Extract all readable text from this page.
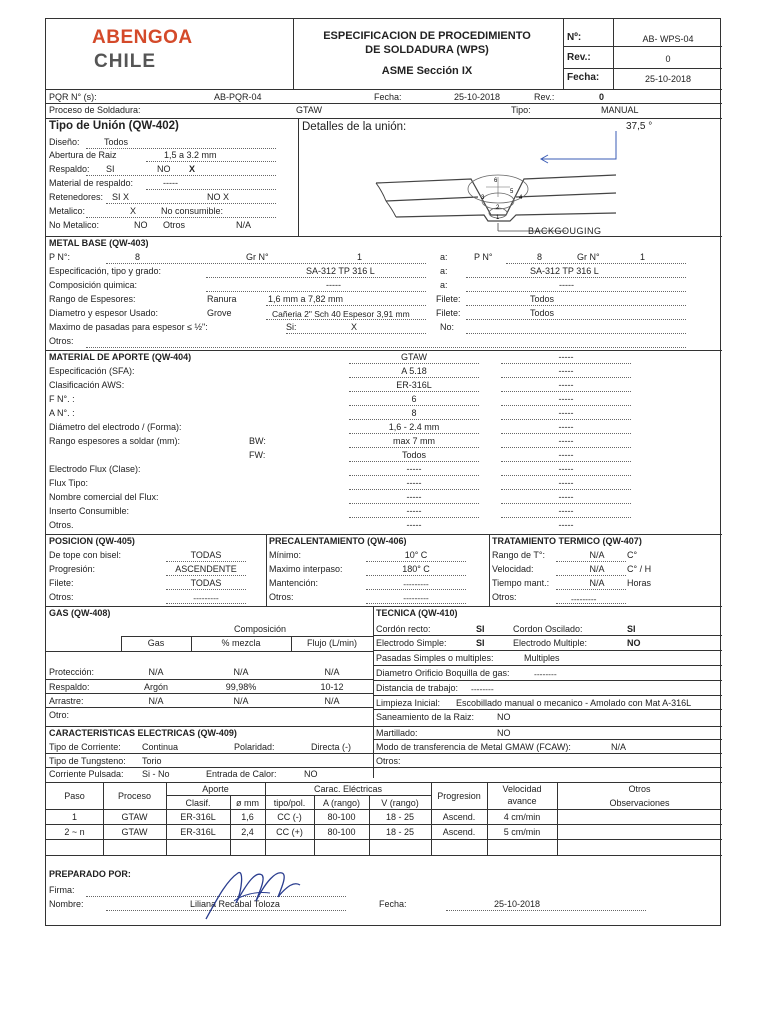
ABENGOA
CHILE
ESPECIFICACION DE PROCEDIMIENTO
DE SOLDADURA (WPS)
ASME Sección IX
Nº:	AB- WPS-04
Rev.:	0
Fecha:	25-10-2018
PQR N° (s):	AB-PQR-04	Fecha:	25-10-2018	Rev.:	0
Proceso de Soldadura:	GTAW	Tipo:	MANUAL
Tipo de Unión (QW-402)	Detalles de la unión:	37,5 °
Diseño:	Todos
Abertura de Raiz	1,5 a 3.2 mm
Respaldo: SI	NO X
Material de respaldo:	-----
Retenedores: SI X	NO X
Metalico:	X	No consumible:
No Metalico:	NO Otros	N/A
6
5
4
3
2
1
BACKGOUGING
METAL BASE (QW-403)
P N°:	8	Gr N°	1	a:	P N°	8	Gr N°	1
Especificación, tipo y grado:	SA-312 TP 316 L	a:	SA-312 TP 316 L
Composición quimica:	-----	a:	-----
Rango de Espesores:	Ranura	1,6 mm a 7,82 mm	Filete:	Todos
Diametro y espesor Usado:	Grove	Cañeria 2" Sch 40 Espesor 3,91 mm	Filete:	Todos
Maximo de pasadas para espesor ≤ ½":	Si:	X	No:
Otros:
MATERIAL DE APORTE (QW-404)	GTAW	-----
Especificación (SFA):	A 5.18	-----
Clasificación AWS:	ER-316L	-----
F N°. :	6	-----
A N°. :	8	-----
Diámetro del electrodo / (Forma):	1,6 - 2.4 mm	-----
Rango espesores a soldar (mm):	BW:	max 7 mm	-----
FW:	Todos	-----
Electrodo Flux (Clase):	-----	-----
Flux Tipo:	-----	-----
Nombre comercial del Flux:	-----	-----
Inserto Consumible:	-----	-----
Otros.	-----	-----
POSICION (QW-405)	PRECALENTAMIENTO (QW-406)	TRATAMIENTO TERMICO (QW-407)
De tope con bisel:	TODAS
Progresión:	ASCENDENTE
Filete:	TODAS
Otros:	---------
Mínimo:	10° C
Maximo interpaso:	180° C
Mantención:	---------
Otros:	---------
Rango de T°:	N/A	C°
Velocidad:	N/A	C° / H
Tiempo mant.:	N/A	Horas
Otros:	---------
GAS (QW-408)
Composición
Gas	% mezcla	Flujo (L/min)
Protección:	N/A	N/A	N/A
Respaldo:	Argón	99,98%	10-12
Arrastre:	N/A	N/A	N/A
Otro:
TECNICA (QW-410)
Cordón recto:	SI	Cordon Oscilado:	SI
Electrodo Simple:	SI	Electrodo Multiple:	NO
Pasadas Simples o multiples:	Multiples
Diametro Orificio Boquilla de gas:	--------
Distancia de trabajo: --------
Limpieza Inicial: Escobillado manual o mecanico - Amolado con Mat A-316L
Saneamiento de la Raiz:	NO
CARACTERISTICAS ELECTRICAS (QW-409)	Martillado:	NO
Tipo de Corriente: Continua	Polaridad:	Directa (-)	Modo de transferencia de Metal GMAW (FCAW):	N/A
Tipo de Tungsteno: Torio	Otros:
Corriente Pulsada: Si - No	Entrada de Calor:	NO
Paso	Proceso
Aporte
Clasif.	ø mm
Carac. Eléctricas
tipo/pol.	A (rango)	V (rango)
Progresion
Velocidad
avance
Otros
Observaciones
1	GTAW	ER-316L	1,6	CC (-)	80-100	18 - 25	Ascend.	4 cm/min
2 ~ n	GTAW	ER-316L	2,4	CC (+)	80-100	18 - 25	Ascend.	5 cm/min
PREPARADO POR:
Firma:
Nombre:	Liliana Recabal Toloza	Fecha:	25-10-2018
